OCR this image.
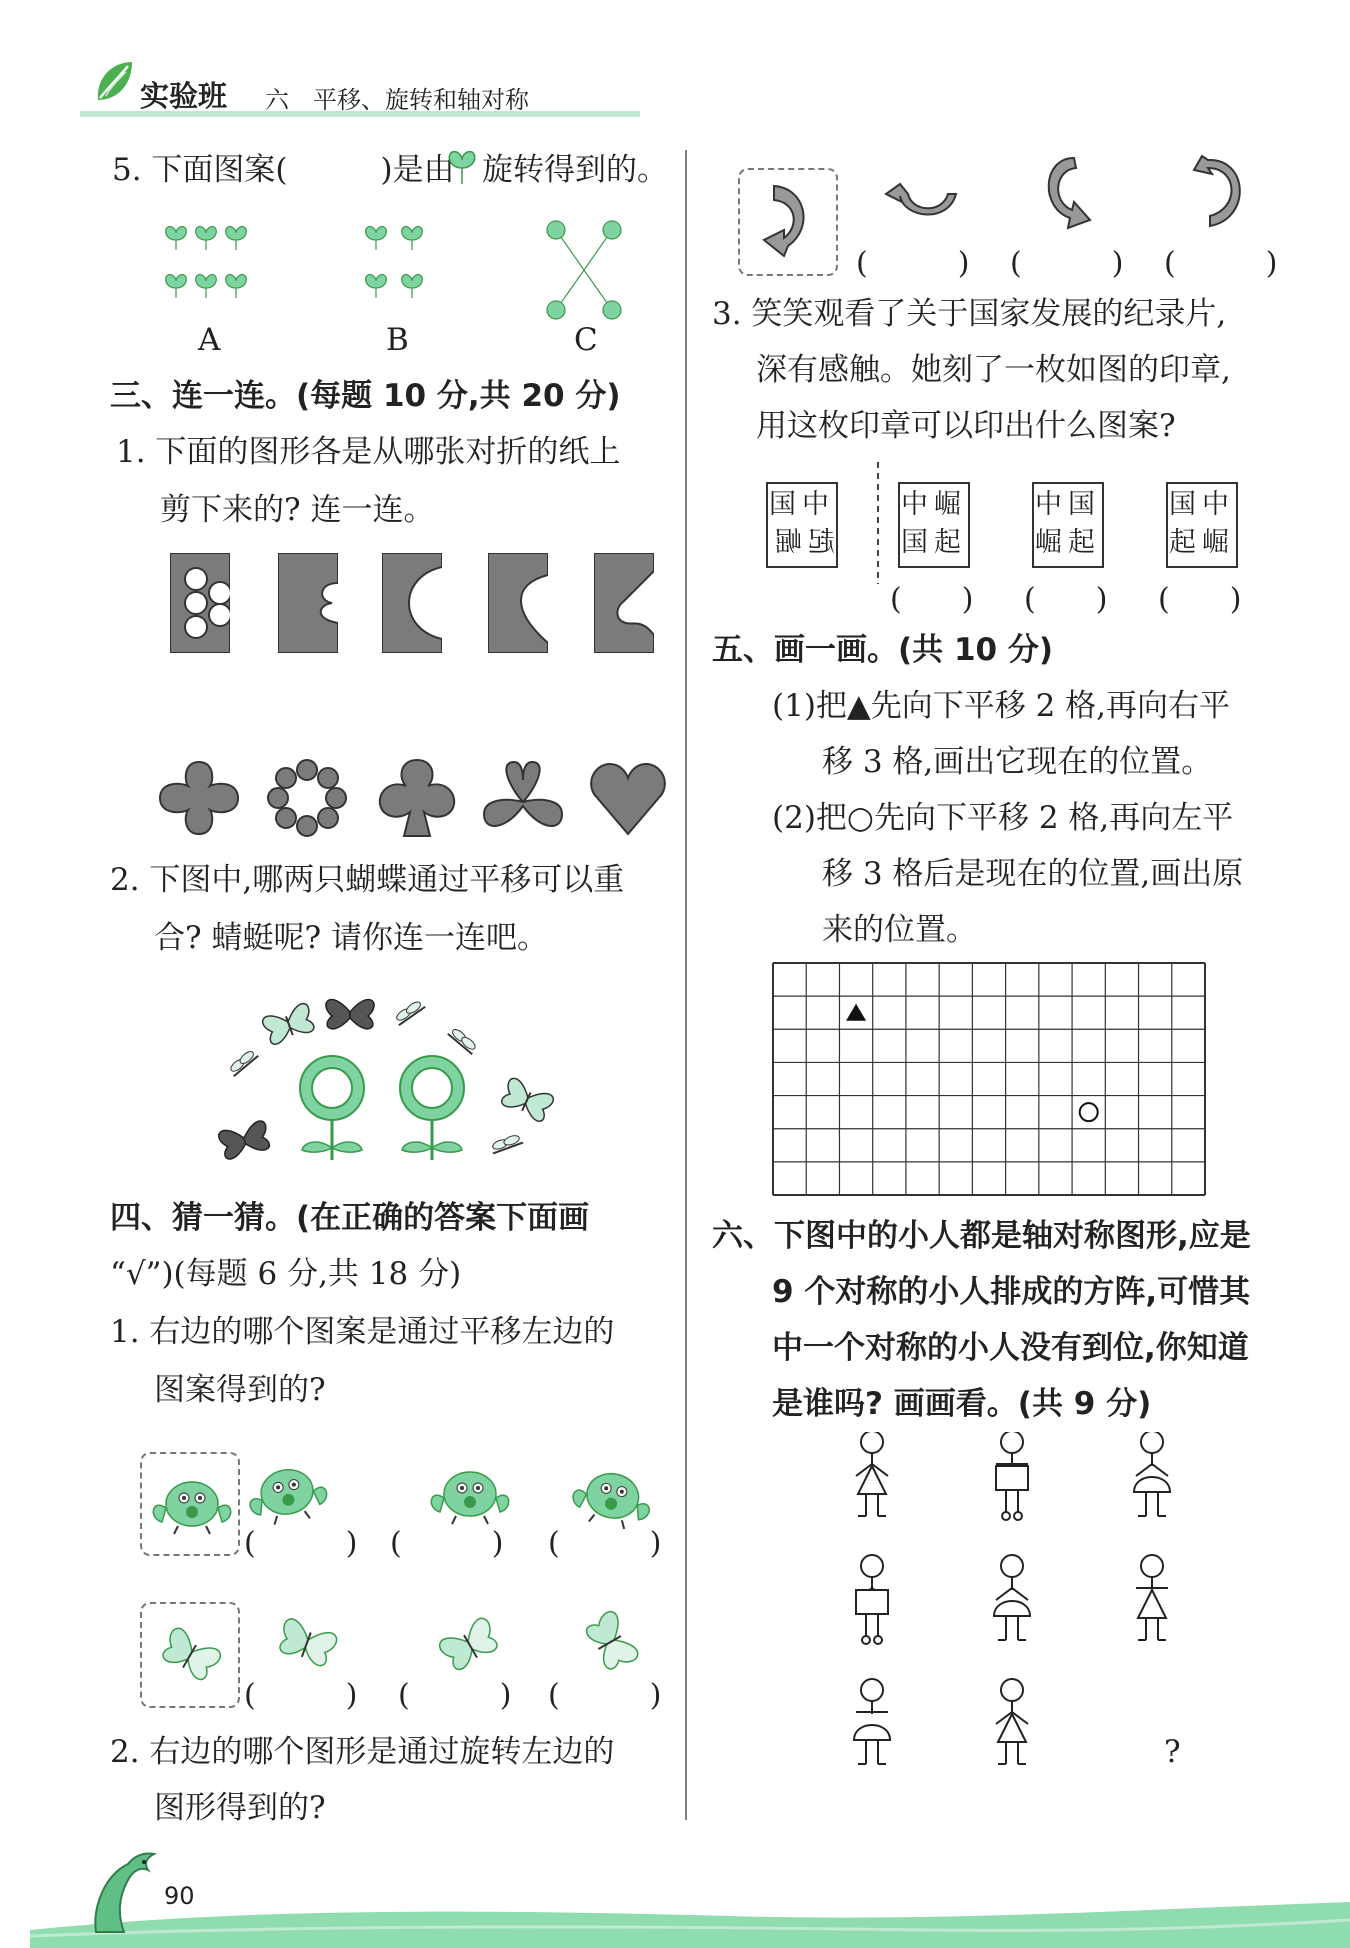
实验班 六　平移、旋转和轴对称
5. 下面图案(　　　)是由 旋转得到的。
A	B	C
三、连一连。(每题 10 分,共 20 分)
1. 下面的图形各是从哪张对折的纸上
剪下来的? 连一连。
2. 下图中,哪两只蝴蝶通过平移可以重
合? 蜻蜓呢? 请你连一连吧。
四、猜一猜。(在正确的答案下面画
“√”)(每题 6 分,共 18 分)
1. 右边的哪个图案是通过平移左边的
图案得到的?
(　　　) (　　　) (　　　)
(　　　) (　　　) (　　　)
2. 右边的哪个图形是通过旋转左边的
图形得到的?
(　　　) (　　　) (　　　)
3. 笑笑观看了关于国家发展的纪录片,
深有感触。她刻了一枚如图的印章,
用这枚印章可以印出什么图案?
国中
起崛
中崛
国起
中国
崛起
国中
起崛
(　　) (　　) (　　)
五、画一画。(共 10 分)
(1)把▲先向下平移 2 格,再向右平
移 3 格,画出它现在的位置。
(2)把○先向下平移 2 格,再向左平
移 3 格后是现在的位置,画出原
来的位置。
六、下图中的小人都是轴对称图形,应是
9 个对称的小人排成的方阵,可惜其
中一个对称的小人没有到位,你知道
是谁吗? 画画看。(共 9 分)
?
90
